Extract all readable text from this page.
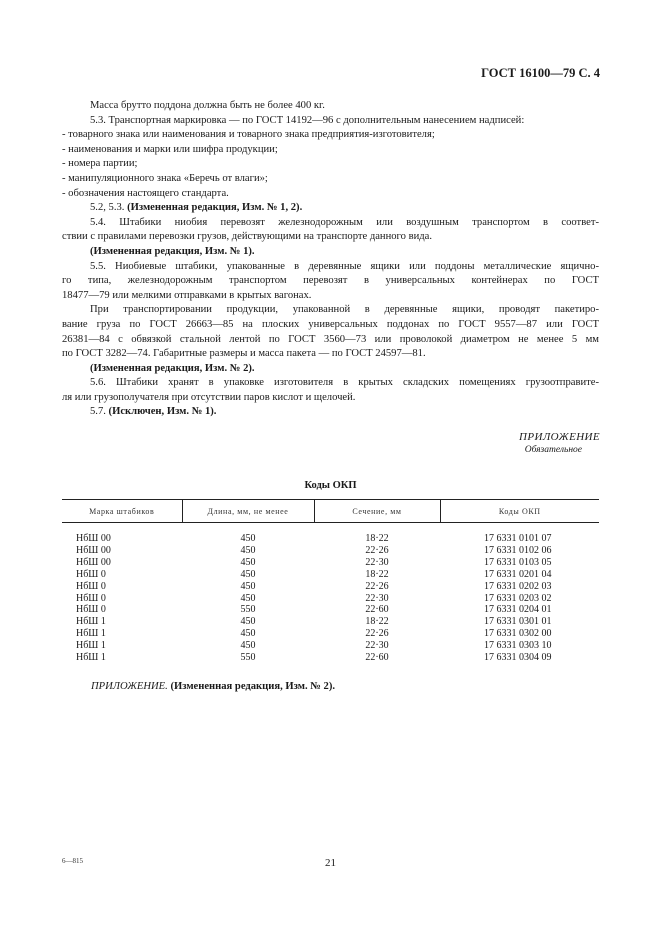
ГОСТ 16100—79 С. 4

Масса брутто поддона должна быть не более 400 кг.

5.3. Транспортная маркировка — по ГОСТ 14192—96 с дополнительным нанесением надписей:

- товарного знака или наименования и товарного знака предприятия-изготовителя;

- наименования и марки или шифра продукции;

- номера партии;

- манипуляционного знака «Беречь от влаги»;

- обозначения настоящего стандарта.

5.2, 5.3. (Измененная редакция, Изм. № 1, 2).

5.4. Штабики ниобия перевозят железнодорожным или воздушным транспортом в соответ-

ствии с правилами перевозки грузов, действующими на транспорте данного вида.

(Измененная редакция, Изм. № 1).

5.5. Ниобиевые штабики, упакованные в деревянные ящики или поддоны металлические ящично-

го типа, железнодорожным транспортом перевозят в универсальных контейнерах по ГОСТ

18477—79 или мелкими отправками в крытых вагонах.

При транспортировании продукции, упакованной в деревянные ящики, проводят пакетиро-

вание груза по ГОСТ 26663—85 на плоских универсальных поддонах по ГОСТ 9557—87 или ГОСТ

26381—84 с обвязкой стальной лентой по ГОСТ 3560—73 или проволокой диаметром не менее 5 мм

по ГОСТ 3282—74. Габаритные размеры и масса пакета — по ГОСТ 24597—81.

(Измененная редакция, Изм. № 2).

5.6. Штабики хранят в упаковке изготовителя в крытых складских помещениях грузоотправите-

ля или грузополучателя при отсутствии паров кислот и щелочей.

5.7. (Исключен, Изм. № 1).

ПРИЛОЖЕНИЕ
Обязательное
Коды ОКП
Марка штабиков	Длина, мм, не менее	Сечение, мм	Коды ОКП
НбШ 00	450	18·22	17 6331 0101 07
НбШ 00	450	22·26	17 6331 0102 06
НбШ 00	450	22·30	17 6331 0103 05
НбШ 0	450	18·22	17 6331 0201 04
НбШ 0	450	22·26	17 6331 0202 03
НбШ 0	450	22·30	17 6331 0203 02
НбШ 0	550	22·60	17 6331 0204 01
НбШ 1	450	18·22	17 6331 0301 01
НбШ 1	450	22·26	17 6331 0302 00
НбШ 1	450	22·30	17 6331 0303 10
НбШ 1	550	22·60	17 6331 0304 09
ПРИЛОЖЕНИЕ. (Измененная редакция, Изм. № 2).
6—815	21
